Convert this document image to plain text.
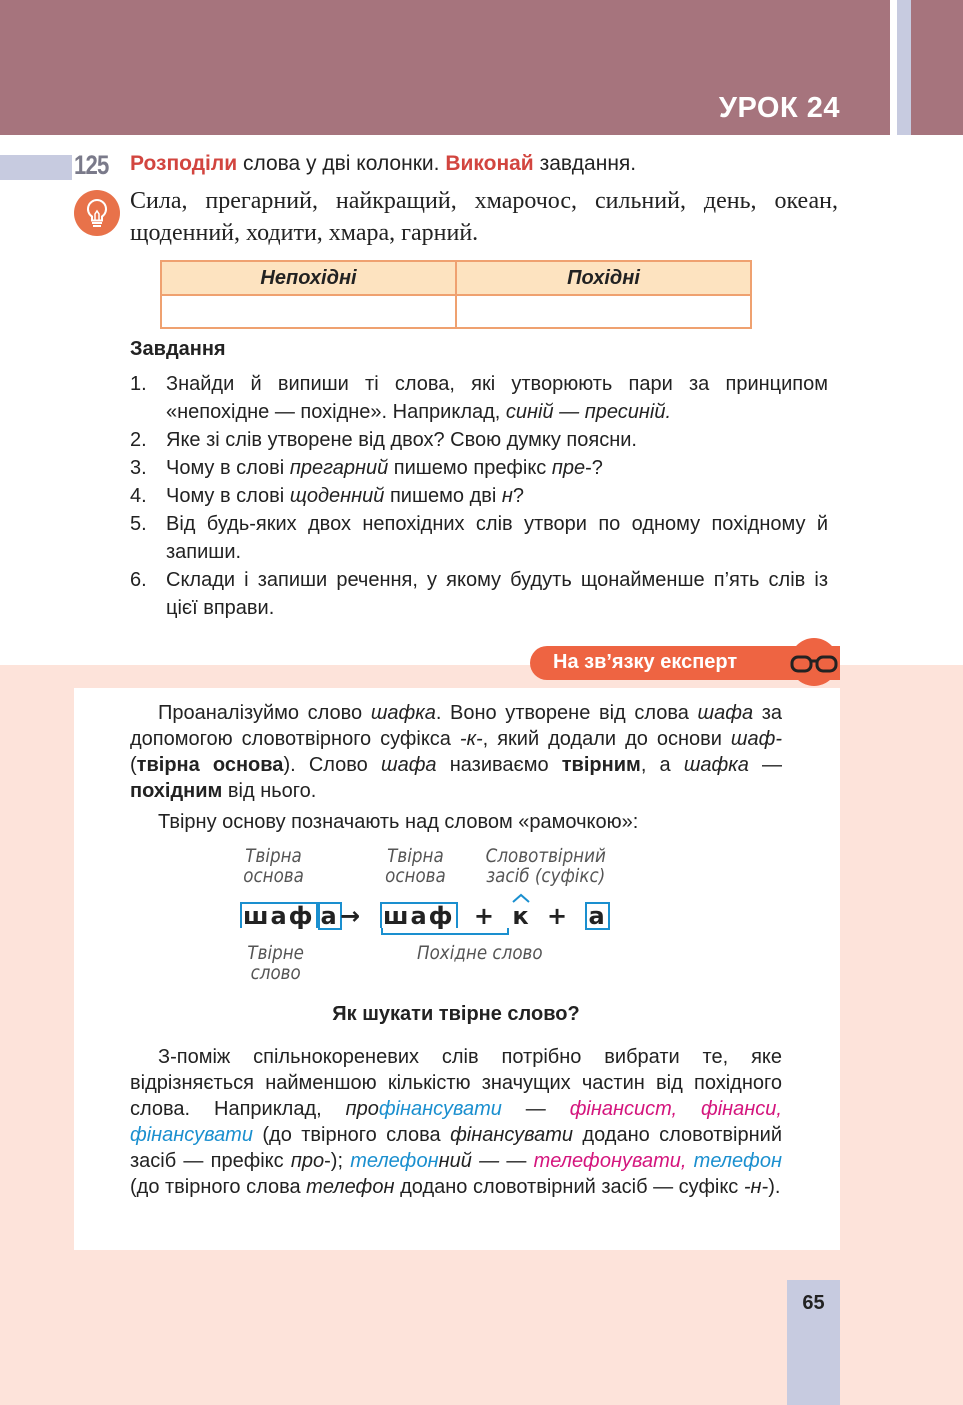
УРОК 24
125 Розподіли слова у дві колонки. Виконай завдання.
Сила, прегарний, найкращий, хмарочос, сильний, день, океан, щоденний, ходити, хмара, гарний.
Непохідні	Похідні

Завдання
1. Знайди й випиши ті слова, які утворюють пари за принципом «непохідне — похідне». Наприклад, синій — пресиній.
2. Яке зі слів утворене від двох? Свою думку поясни.
3. Чому в слові прегарний пишемо префікс пре-?
4. Чому в слові щоденний пишемо дві н?
5. Від будь-яких двох непохідних слів утвори по одному похідному й запиши.
6. Склади і запиши речення, у якому будуть щонайменше п’ять слів із цієї вправи.
На зв’язку експерт

Проаналізуймо слово шафка. Воно утворене від слова шафа за допомогою словотвірного суфікса -к-, який додали до основи шаф- (твірна основа). Слово шафа називаємо твірним, а шафка — похідним від нього.

Твірну основу позначають над словом «рамочкою»:

Твірна основа
Твірна основа
Словотвірний засіб (суфікс)
шаф а → шаф + к + а
Твірне слово
Похідне слово
Як шукати твірне слово?

З-поміж спільнокореневих слів потрібно вибрати те, яке відрізняється найменшою кількістю значущих частин від похідного слова. Наприклад, профінансувати — фінансист, фінанси, фінансувати (до твірного слова фінансувати додано словотвірний засіб — префікс про-); телефонний — — телефонувати, телефон (до твірного слова телефон додано словотвірний засіб — суфікс -н-).

65
